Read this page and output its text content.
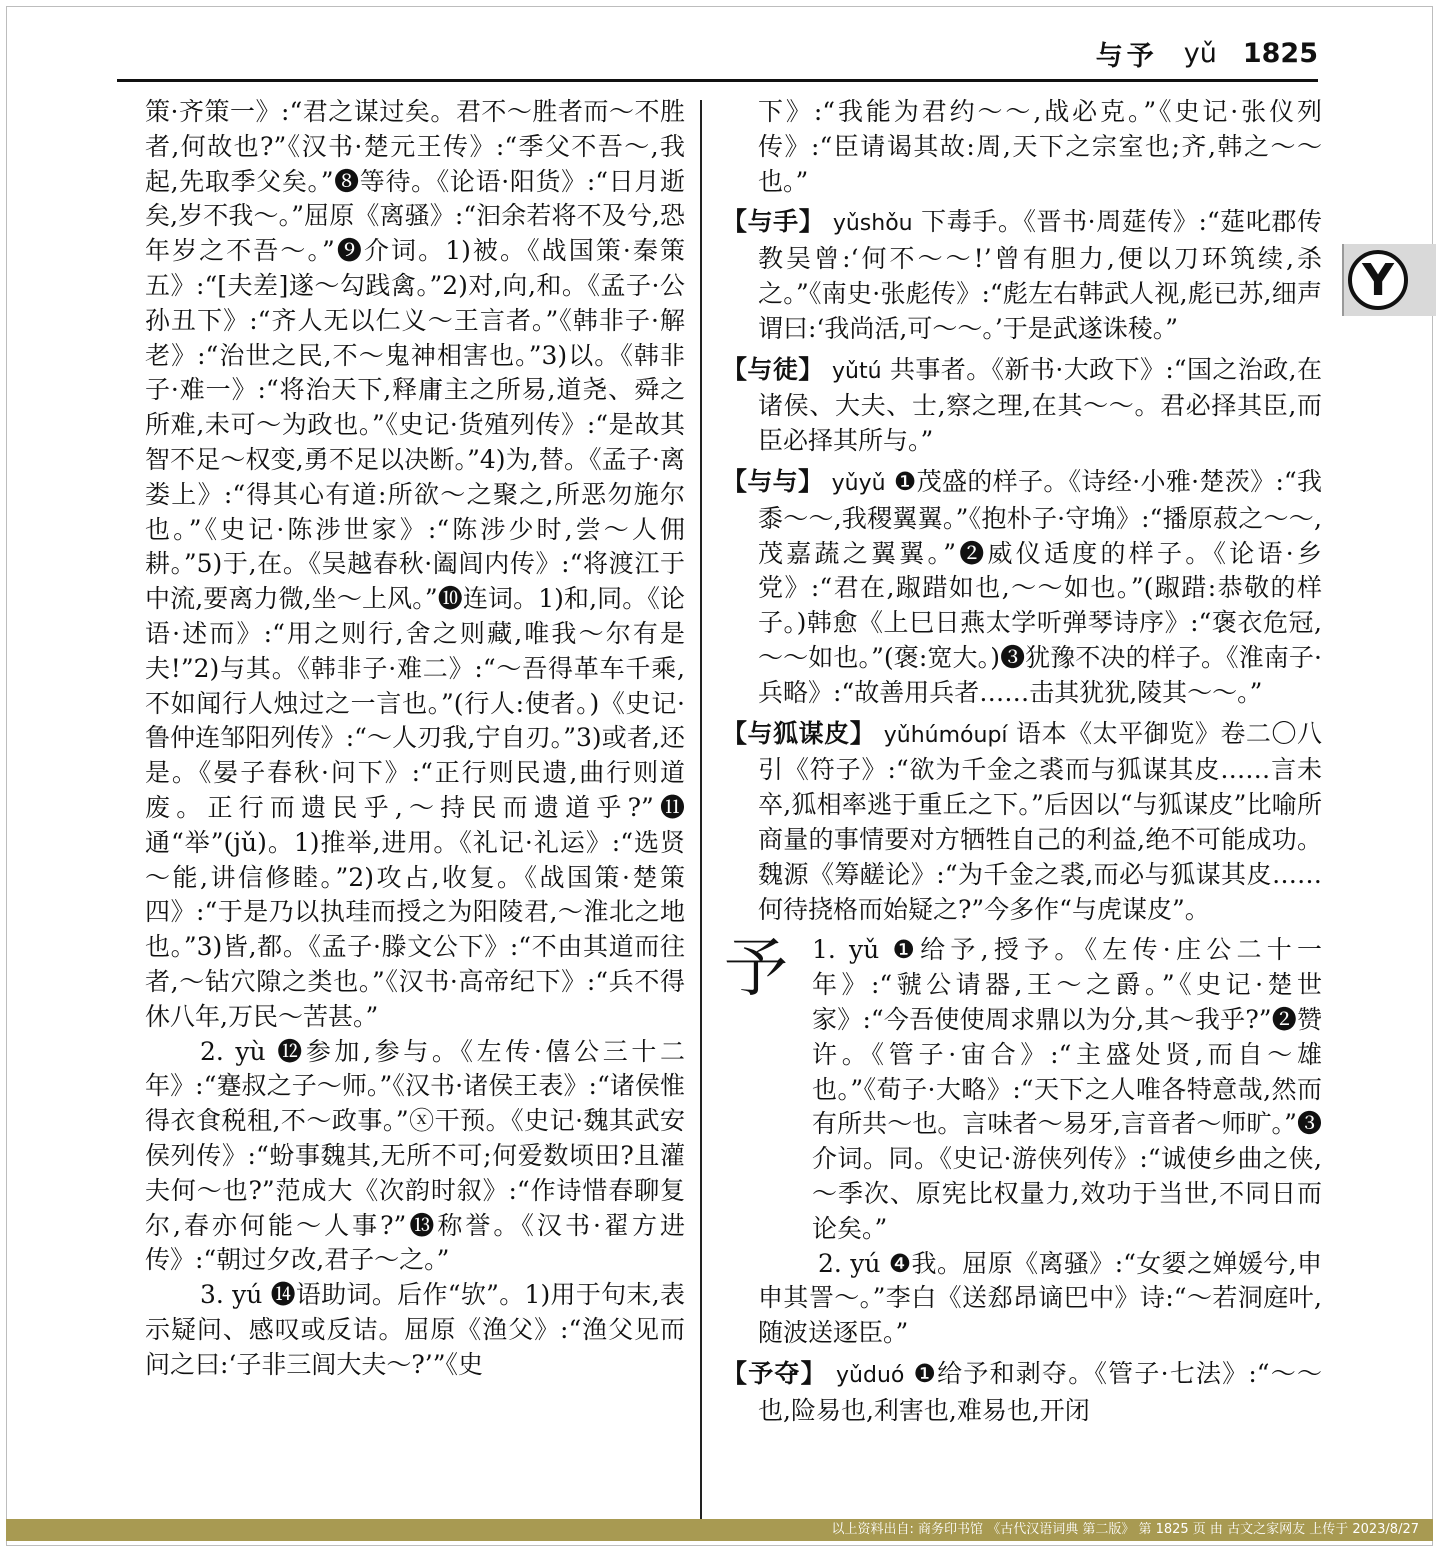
与予 yǔ 1825
Y

策·齐策一》:“君之谋过矣。君不～胜者而～不胜者,何故也?”《汉书·楚元王传》:“季父不吾～,我起,先取季父矣。”❽等待。《论语·阳货》:“日月逝矣,岁不我～。”屈原《离骚》:“汩余若将不及兮,恐年岁之不吾～。”❾介词。1)被。《战国策·秦策五》:“[夫差]遂～勾践禽。”2)对,向,和。《孟子·公孙丑下》:“齐人无以仁义～王言者。”《韩非子·解老》:“治世之民,不～鬼神相害也。”3)以。《韩非子·难一》:“将治天下,释庸主之所易,道尧、舜之所难,未可～为政也。”《史记·货殖列传》:“是故其智不足～权变,勇不足以决断。”4)为,替。《孟子·离娄上》:“得其心有道:所欲～之聚之,所恶勿施尔也。”《史记·陈涉世家》:“陈涉少时,尝～人佣耕。”5)于,在。《吴越春秋·阖闾内传》:“将渡江于中流,要离力微,坐～上风。”❿连词。1)和,同。《论语·述而》:“用之则行,舍之则藏,唯我～尔有是夫!”2)与其。《韩非子·难二》:“～吾得革车千乘,不如闻行人烛过之一言也。”(行人:使者。)《史记·鲁仲连邹阳列传》:“～人刃我,宁自刃。”3)或者,还是。《晏子春秋·问下》:“正行则民遗,曲行则道废。正行而遗民乎,～持民而遗道乎?”⓫通“举”(jǔ)。1)推举,进用。《礼记·礼运》:“选贤～能,讲信修睦。”2)攻占,收复。《战国策·楚策四》:“于是乃以执珪而授之为阳陵君,～淮北之地也。”3)皆,都。《孟子·滕文公下》:“不由其道而往者,～钻穴隙之类也。”《汉书·高帝纪下》:“兵不得休八年,万民～苦甚。”

2. yù ⓬参加,参与。《左传·僖公三十二年》:“蹇叔之子～师。”《汉书·诸侯王表》:“诸侯惟得衣食税租,不～政事。”ⓧ干预。《史记·魏其武安侯列传》:“蚡事魏其,无所不可;何爱数顷田?且灌夫何～也?”范成大《次韵时叙》:“作诗惜春聊复尔,春亦何能～人事?”⓭称誉。《汉书·翟方进传》:“朝过夕改,君子～之。”

3. yú ⓮语助词。后作“欤”。1)用于句末,表示疑问、感叹或反诘。屈原《渔父》:“渔父见而问之曰:‘子非三闾大夫～?’”《史

下》:“我能为君约～～,战必克。”《史记·张仪列传》:“臣请谒其故:周,天下之宗室也;齐,韩之～～也。”

【与手】 yǔshǒu 下毒手。《晋书·周莚传》:“莚叱郡传教吴曾:‘何不～～!’曾有胆力,便以刀环筑续,杀之。”《南史·张彪传》:“彪左右韩武人视,彪已苏,细声谓曰:‘我尚活,可～～。’于是武遂诛稜。”

【与徒】 yǔtú 共事者。《新书·大政下》:“国之治政,在诸侯、大夫、士,察之理,在其～～。君必择其臣,而臣必择其所与。”

【与与】 yǔyǔ ❶茂盛的样子。《诗经·小雅·楚茨》:“我黍～～,我稷翼翼。”《抱朴子·守埆》:“播原菽之～～,茂嘉蔬之翼翼。”❷威仪适度的样子。《论语·乡党》:“君在,踧踖如也,～～如也。”(踧踖:恭敬的样子。)韩愈《上巳日燕太学听弹琴诗序》:“褒衣危冠,～～如也。”(褒:宽大。)❸犹豫不决的样子。《淮南子·兵略》:“故善用兵者……击其犹犹,陵其～～。”

【与狐谋皮】 yǔhúmóupí 语本《太平御览》卷二〇八引《符子》:“欲为千金之裘而与狐谋其皮……言未卒,狐相率逃于重丘之下。”后因以“与狐谋皮”比喻所商量的事情要对方牺牲自己的利益,绝不可能成功。魏源《筹鹾论》:“为千金之裘,而必与狐谋其皮……何待挠格而始疑之?”今多作“与虎谋皮”。

予 1. yǔ ❶给予,授予。《左传·庄公二十一年》:“虢公请器,王～之爵。”《史记·楚世家》:“今吾使使周求鼎以为分,其～我乎?”❷赞许。《管子·宙合》:“主盛处贤,而自～雄也。”《荀子·大略》:“天下之人唯各特意哉,然而有所共～也。言味者～易牙,言音者～师旷。”❸介词。同。《史记·游侠列传》:“诚使乡曲之侠,～季次、原宪比权量力,效功于当世,不同日而论矣。”

2. yú ❹我。屈原《离骚》:“女媭之婵媛兮,申申其詈～。”李白《送郄昂谪巴中》诗:“～若洞庭叶,随波送逐臣。”

【予夺】 yǔduó ❶给予和剥夺。《管子·七法》:“～～也,险易也,利害也,难易也,开闭

以上资料出自: 商务印书馆 《古代汉语词典 第二版》 第 1825 页 由 古文之家网友 上传于 2023/8/27
